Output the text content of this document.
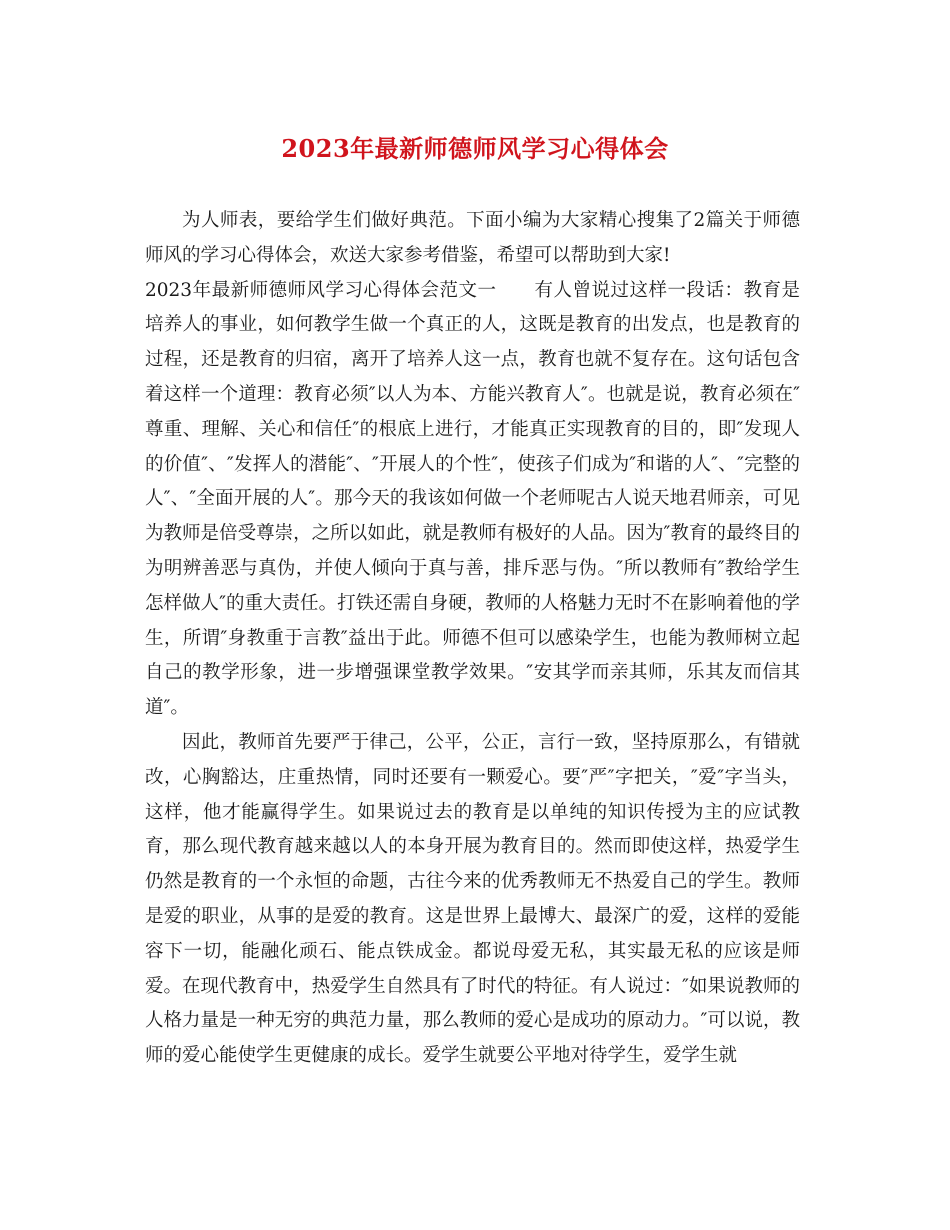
2023年最新师德师风学习心得体会

为人师表，要给学生们做好典范。下面小编为大家精心搜集了2篇关于师德师风的学习心得体会，欢送大家参考借鉴，希望可以帮助到大家!

2023年最新师德师风学习心得体会范文一　　 有人曾说过这样一段话：教育是培养人的事业，如何教学生做一个真正的人，这既是教育的出发点，也是教育的过程，还是教育的归宿，离开了培养人这一点，教育也就不复存在。这句话包含着这样一个道理：教育必须″以人为本、方能兴教育人″。也就是说，教育必须在″尊重、理解、关心和信任″的根底上进行，才能真正实现教育的目的，即″发现人的价值″、″发挥人的潜能″、″开展人的个性″，使孩子们成为″和谐的人″、″完整的人″、″全面开展的人″。那今天的我该如何做一个老师呢古人说天地君师亲，可见为教师是倍受尊崇，之所以如此，就是教师有极好的人品。因为″教育的最终目的为明辨善恶与真伪，并使人倾向于真与善，排斥恶与伪。″所以教师有″教给学生怎样做人″的重大责任。打铁还需自身硬，教师的人格魅力无时不在影响着他的学生，所谓″身教重于言教″益出于此。师德不但可以感染学生，也能为教师树立起自己的教学形象，进一步增强课堂教学效果。″安其学而亲其师，乐其友而信其道″。

因此，教师首先要严于律己，公平，公正，言行一致，坚持原那么，有错就改，心胸豁达，庄重热情，同时还要有一颗爱心。要″严″字把关，″爱″字当头，这样，他才能赢得学生。如果说过去的教育是以单纯的知识传授为主的应试教育，那么现代教育越来越以人的本身开展为教育目的。然而即使这样，热爱学生仍然是教育的一个永恒的命题，古往今来的优秀教师无不热爱自己的学生。教师是爱的职业，从事的是爱的教育。这是世界上最博大、最深广的爱，这样的爱能容下一切，能融化顽石、能点铁成金。都说母爱无私，其实最无私的应该是师爱。在现代教育中，热爱学生自然具有了时代的特征。有人说过：″如果说教师的人格力量是一种无穷的典范力量，那么教师的爱心是成功的原动力。″可以说，教师的爱心能使学生更健康的成长。爱学生就要公平地对待学生，爱学生就
